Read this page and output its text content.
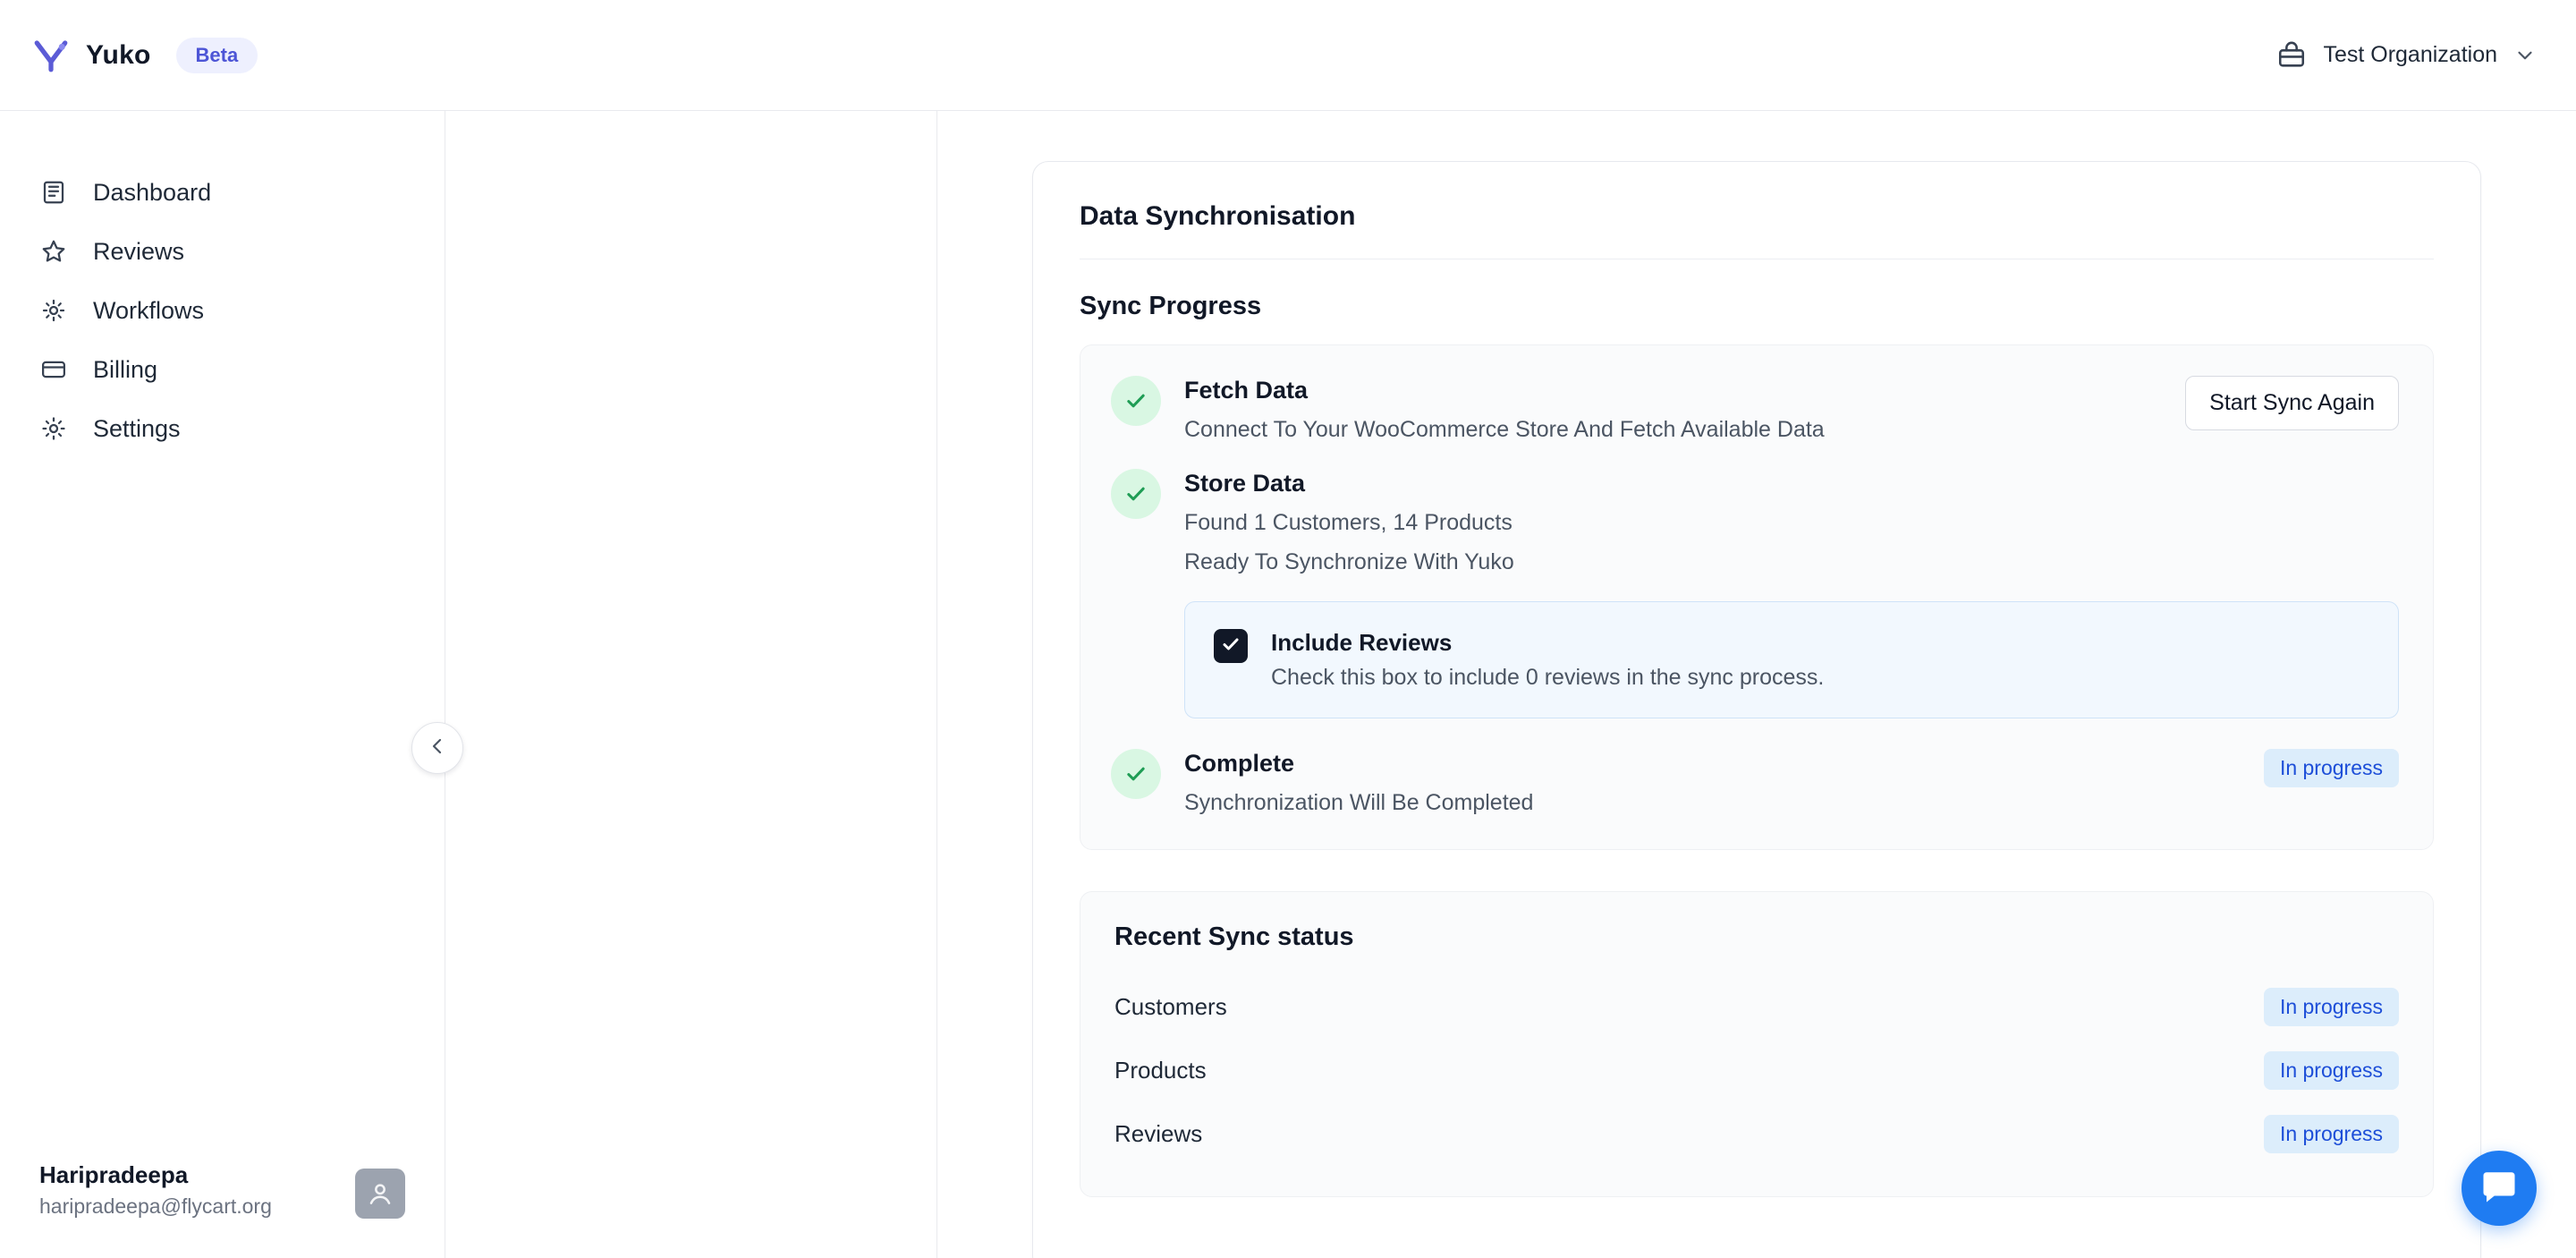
Yuko	Beta	Test Organization
Dashboard
Reviews
Workflows
Billing
Settings
Haripradeepa
haripradeepa@flycart.org
Data Synchronisation
Sync Progress
Fetch Data
Connect To Your WooCommerce Store And Fetch Available Data
Start Sync Again
Store Data
Found 1 Customers, 14 Products
Ready To Synchronize With Yuko
Include Reviews
Check this box to include 0 reviews in the sync process.
Complete
Synchronization Will Be Completed
In progress
Recent Sync status
Customers	In progress
Products	In progress
Reviews	In progress
